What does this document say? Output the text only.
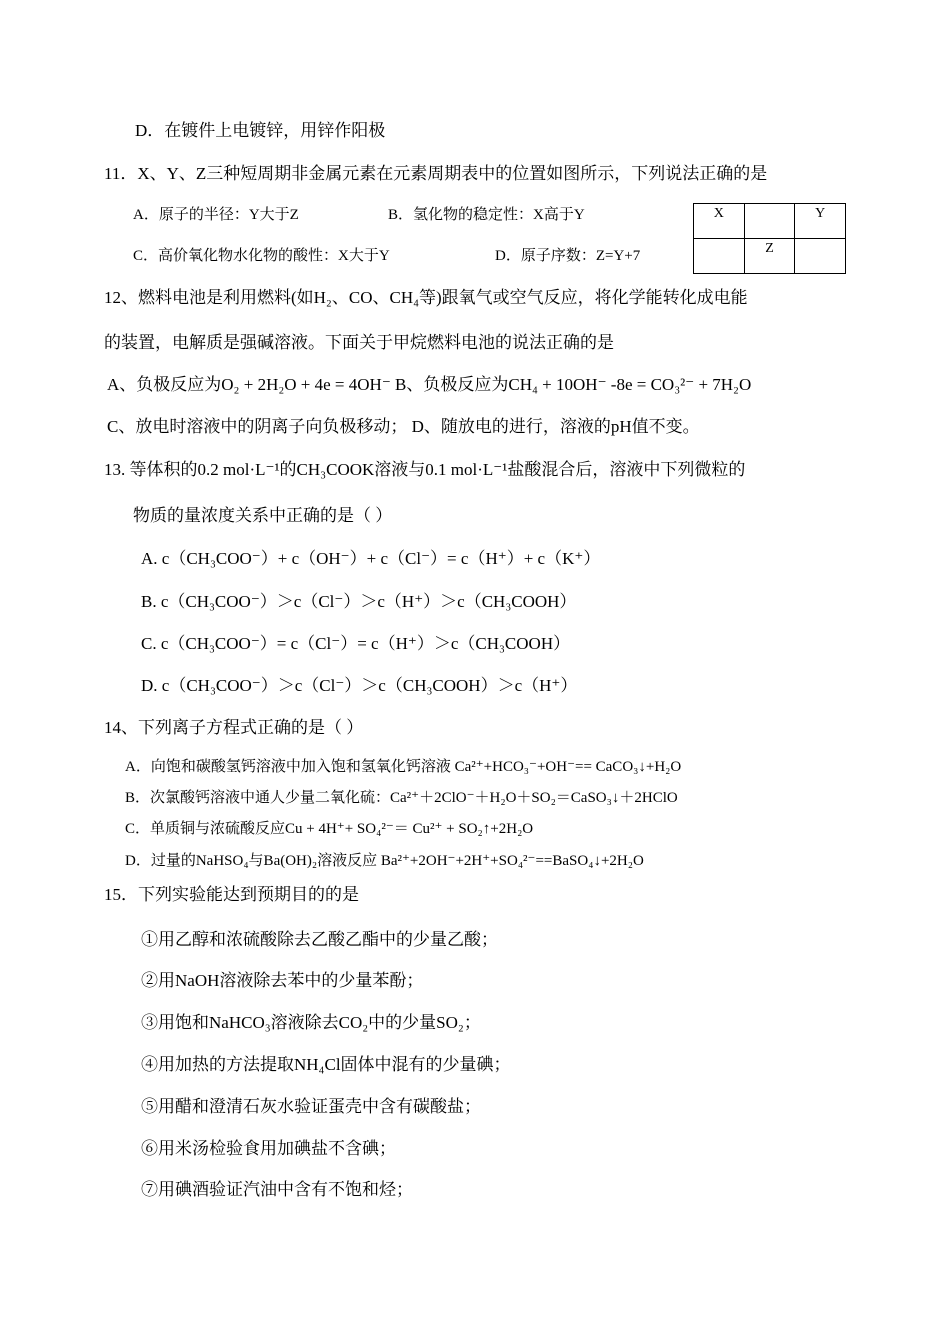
D．在镀件上电镀锌，用锌作阳极
11．X、Y、Z三种短周期非金属元素在元素周期表中的位置如图所示，下列说法正确的是
A．原子的半径：Y大于Z	B．氢化物的稳定性：X高于Y
C．高价氧化物水化物的酸性：X大于Y	D．原子序数：Z=Y+7
X		Y
	Z	
12、燃料电池是利用燃料(如H₂、CO、CH₄等)跟氧气或空气反应，将化学能转化成电能
的装置，电解质是强碱溶液。下面关于甲烷燃料电池的说法正确的是
A、负极反应为O₂ + 2H₂O + 4e = 4OH⁻ B、负极反应为CH₄ + 10OH⁻ -8e = CO₃²⁻ + 7H₂O
C、放电时溶液中的阴离子向负极移动； D、随放电的进行，溶液的pH值不变。
13. 等体积的0.2 mol·L⁻¹的CH₃COOK溶液与0.1 mol·L⁻¹盐酸混合后，溶液中下列微粒的
物质的量浓度关系中正确的是（ ）
A. c（CH₃COO⁻）+ c（OH⁻）+ c（Cl⁻）= c（H⁺）+ c（K⁺）
B. c（CH₃COO⁻）＞c（Cl⁻）＞c（H⁺）＞c（CH₃COOH）
C. c（CH₃COO⁻）= c（Cl⁻）= c（H⁺）＞c（CH₃COOH）
D. c（CH₃COO⁻）＞c（Cl⁻）＞c（CH₃COOH）＞c（H⁺）
14、下列离子方程式正确的是（ ）
A．向饱和碳酸氢钙溶液中加入饱和氢氧化钙溶液 Ca²⁺+HCO₃⁻+OH⁻== CaCO₃↓+H₂O
B．次氯酸钙溶液中通人少量二氧化硫：Ca²⁺＋2ClO⁻＋H₂O＋SO₂＝CaSO₃↓＋2HClO
C．单质铜与浓硫酸反应Cu + 4H⁺+ SO₄²⁻＝ Cu²⁺ + SO₂↑+2H₂O
D．过量的NaHSO₄与Ba(OH)₂溶液反应 Ba²⁺+2OH⁻+2H⁺+SO₄²⁻==BaSO₄↓+2H₂O
15．下列实验能达到预期目的的是
①用乙醇和浓硫酸除去乙酸乙酯中的少量乙酸；
②用NaOH溶液除去苯中的少量苯酚；
③用饱和NaHCO₃溶液除去CO₂中的少量SO₂；
④用加热的方法提取NH₄Cl固体中混有的少量碘；
⑤用醋和澄清石灰水验证蛋壳中含有碳酸盐；
⑥用米汤检验食用加碘盐不含碘；
⑦用碘酒验证汽油中含有不饱和烃；
